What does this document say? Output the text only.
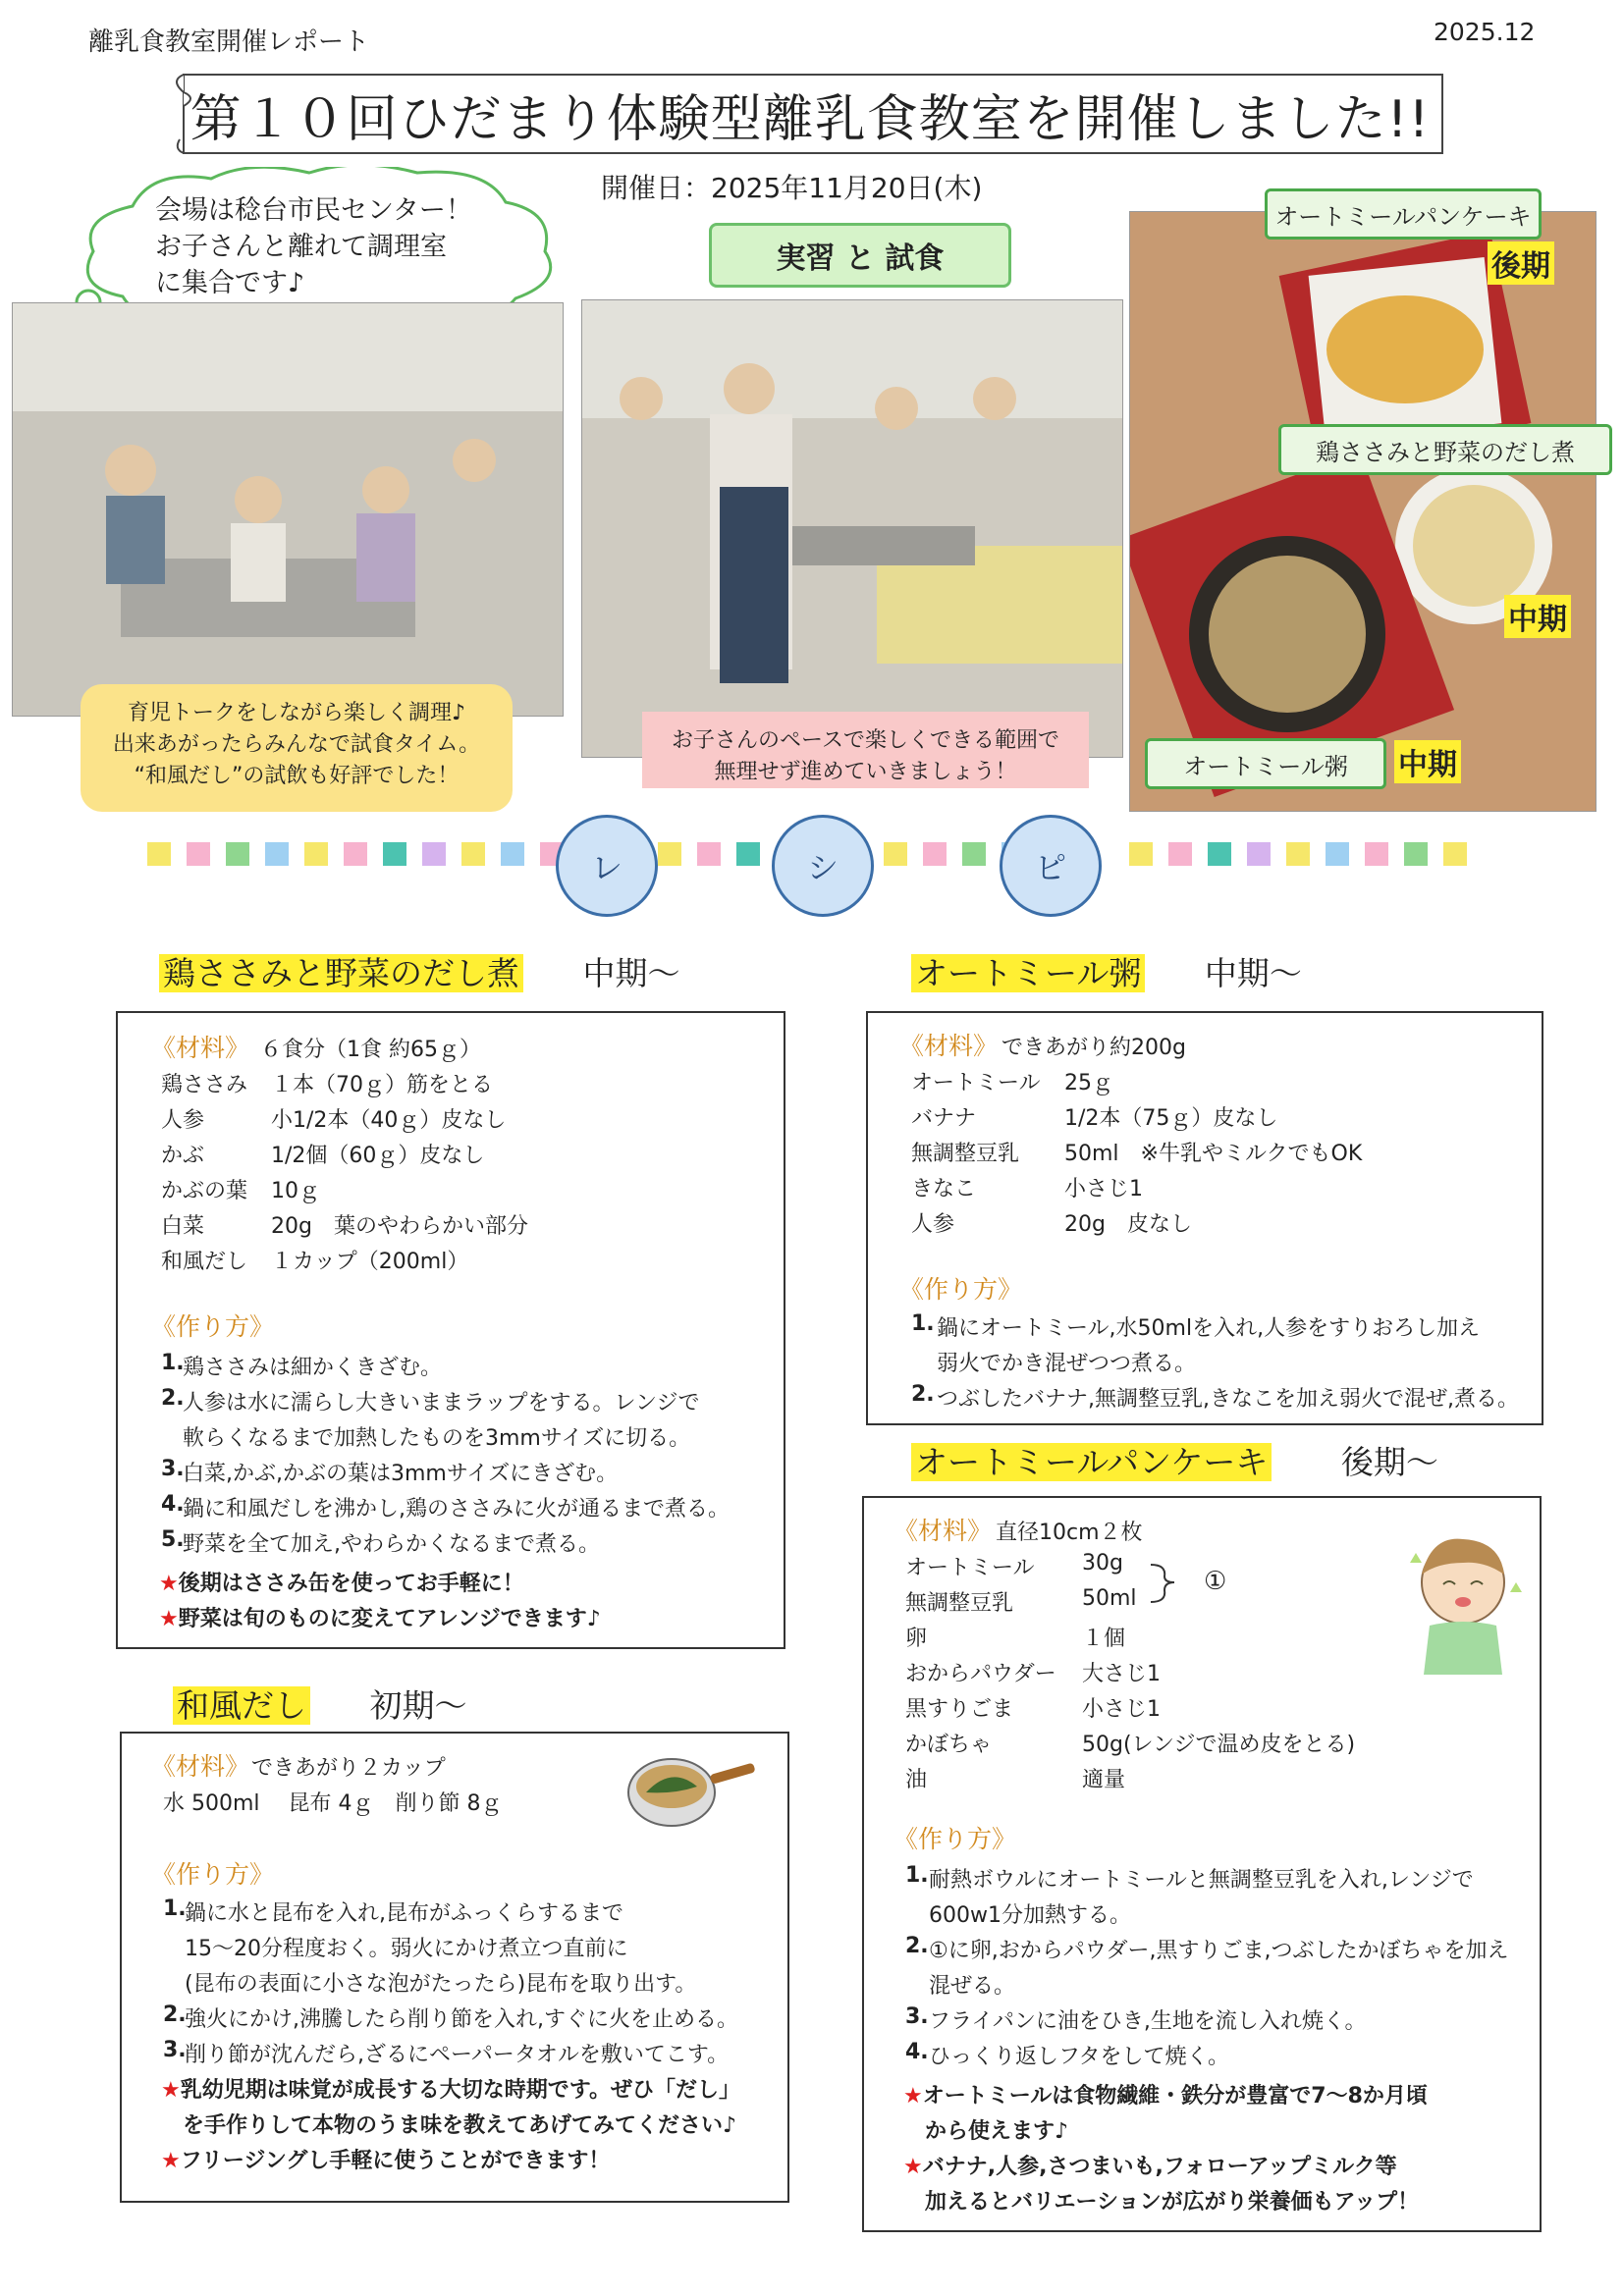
離乳食教室開催レポート	2025.12
第１０回ひだまり体験型離乳食教室を開催しました!!
開催日：2025年11月20日(木)
会場は稔台市民センター！
お子さんと離れて調理室
に集合です♪
育児トークをしながら楽しく調理♪
出来あがったらみんなで試食タイム。
“和風だし”の試飲も好評でした！
実習 と 試食
お子さんのペースで楽しくできる範囲で
無理せず進めていきましょう！
オートミールパンケーキ
後期
鶏ささみと野菜のだし煮
中期
オートミール粥	中期
レ	シ	ピ
鶏ささみと野菜のだし煮 中期〜
《材料》 ６食分（1食 約65ｇ）
鶏ささみ １本（70ｇ）筋をとる
人参	小1/2本（40ｇ）皮なし
かぶ	1/2個（60ｇ）皮なし
かぶの葉 10ｇ
白菜	20g　葉のやわらかい部分
和風だし １カップ（200ml）
《作り方》
1.
鶏ささみは細かくきざむ。
2.
人参は水に濡らし大きいままラップをする。レンジで
軟らくなるまで加熱したものを3mmサイズに切る。
3.
白菜,かぶ,かぶの葉は3mmサイズにきざむ。
4.
鍋に和風だしを沸かし,鶏のささみに火が通るまで煮る。
5.
野菜を全て加え,やわらかくなるまで煮る。
★後期はささみ缶を使ってお手軽に！
★野菜は旬のものに変えてアレンジできます♪
和風だし 初期〜
《材料》 できあがり２カップ
水 500ml　 昆布 4ｇ　削り節 8ｇ
《作り方》
1.
鍋に水と昆布を入れ,昆布がふっくらするまで
15〜20分程度おく。弱火にかけ煮立つ直前に
(昆布の表面に小さな泡がたったら)昆布を取り出す。
2.
強火にかけ,沸騰したら削り節を入れ,すぐに火を止める。
3.
削り節が沈んだら,ざるにペーパータオルを敷いてこす。
★乳幼児期は味覚が成長する大切な時期です。ぜひ「だし」
を手作りして本物のうま味を教えてあげてみてください♪
★フリージングし手軽に使うことができます！
オートミール粥 中期〜
《材料》 できあがり約200g
オートミール 25ｇ
バナナ	1/2本（75ｇ）皮なし
無調整豆乳 50ml　※牛乳やミルクでもOK
きなこ	小さじ1
人参	20g　皮なし
《作り方》
1. 鍋にオートミール,水50mlを入れ,人参をすりおろし加え
弱火でかき混ぜつつ煮る。
2. つぶしたバナナ,無調整豆乳,きなこを加え弱火で混ぜ,煮る。
オートミールパンケーキ 後期〜
《材料》 直径10cm２枚
オートミール 30g
無調整豆乳	50ml
①
卵	１個
おからパウダー 大さじ1
黒すりごま	小さじ1
かぼちゃ	50g(レンジで温め皮をとる)
油	適量
《作り方》
1. 耐熱ボウルにオートミールと無調整豆乳を入れ,レンジで
600w1分加熱する。
2. ①に卵,おからパウダー,黒すりごま,つぶしたかぼちゃを加え
混ぜる。
3. フライパンに油をひき,生地を流し入れ焼く。
4. ひっくり返しフタをして焼く。
★オートミールは食物繊維・鉄分が豊富で7〜8か月頃
から使えます♪
★バナナ,人参,さつまいも,フォローアップミルク等
加えるとバリエーションが広がり栄養価もアップ！
